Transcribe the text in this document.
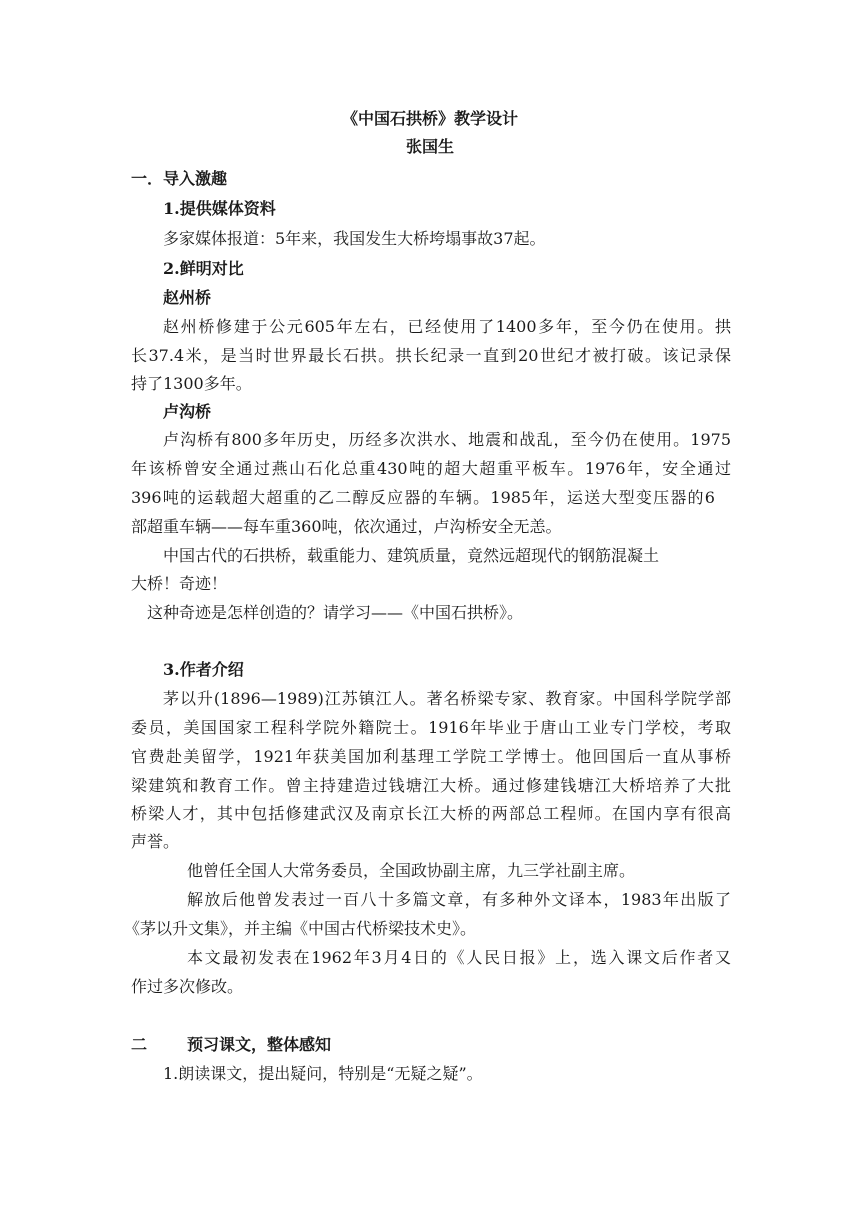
《中国石拱桥》教学设计

张国生

一．导入激趣

1.提供媒体资料

多家媒体报道：5年来，我国发生大桥垮塌事故37起。

2.鲜明对比

赵州桥

赵州桥修建于公元605年左右，已经使用了1400多年，至今仍在使用。拱

长37.4米，是当时世界最长石拱。拱长纪录一直到20世纪才被打破。该记录保

持了1300多年。

卢沟桥

卢沟桥有800多年历史，历经多次洪水、地震和战乱，至今仍在使用。1975

年该桥曾安全通过燕山石化总重430吨的超大超重平板车。1976年，安全通过

396吨的运载超大超重的乙二醇反应器的车辆。1985年，运送大型变压器的6

部超重车辆——每车重360吨，依次通过，卢沟桥安全无恙。

中国古代的石拱桥，载重能力、建筑质量，竟然远超现代的钢筋混凝土

大桥！奇迹！

这种奇迹是怎样创造的？请学习——《中国石拱桥》。

3.作者介绍

茅以升(1896—1989)江苏镇江人。著名桥梁专家、教育家。中国科学院学部

委员，美国国家工程科学院外籍院士。1916年毕业于唐山工业专门学校，考取

官费赴美留学，1921年获美国加利基理工学院工学博士。他回国后一直从事桥

梁建筑和教育工作。曾主持建造过钱塘江大桥。通过修建钱塘江大桥培养了大批

桥梁人才，其中包括修建武汉及南京长江大桥的两部总工程师。在国内享有很高

声誉。

他曾任全国人大常务委员，全国政协副主席，九三学社副主席。

解放后他曾发表过一百八十多篇文章，有多种外文译本，1983年出版了

《茅以升文集》，并主编《中国古代桥梁技术史》。

本文最初发表在1962年3月4日的《人民日报》上，选入课文后作者又

作过多次修改。

二 预习课文，整体感知

1.朗读课文，提出疑问，特别是“无疑之疑”。
